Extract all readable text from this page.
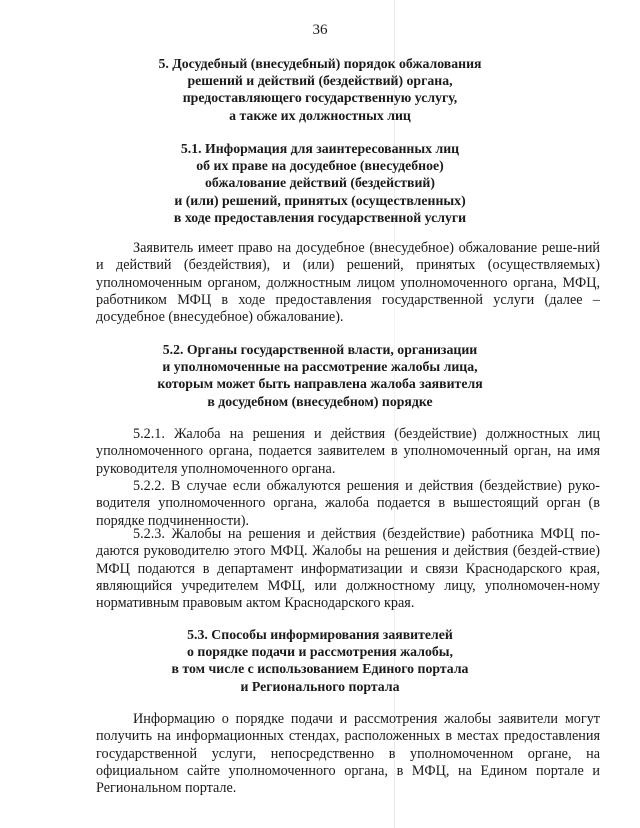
36
5. Досудебный (внесудебный) порядок обжалования
решений и действий (бездействий) органа,
предоставляющего государственную услугу,
а также их должностных лиц
5.1. Информация для заинтересованных лиц
об их праве на досудебное (внесудебное)
обжалование действий (бездействий)
и (или) решений, принятых (осуществленных)
в ходе предоставления государственной услуги
Заявитель имеет право на досудебное (внесудебное) обжалование реше-ний и действий (бездействия), и (или) решений, принятых (осуществляемых) уполномоченным органом, должностным лицом уполномоченного органа, МФЦ, работником МФЦ в ходе предоставления государственной услуги (далее – досудебное (внесудебное) обжалование).
5.2. Органы государственной власти, организации
и уполномоченные на рассмотрение жалобы лица,
которым может быть направлена жалоба заявителя
в досудебном (внесудебном) порядке
5.2.1. Жалоба на решения и действия (бездействие) должностных лиц уполномоченного органа, подается заявителем в уполномоченный орган, на имя руководителя уполномоченного органа.
5.2.2. В случае если обжалуются решения и действия (бездействие) руко-водителя уполномоченного органа, жалоба подается в вышестоящий орган (в порядке подчиненности).
5.2.3. Жалобы на решения и действия (бездействие) работника МФЦ по-даются руководителю этого МФЦ. Жалобы на решения и действия (бездей-ствие) МФЦ подаются в департамент информатизации и связи Краснодарского края, являющийся учредителем МФЦ, или должностному лицу, уполномочен-ному нормативным правовым актом Краснодарского края.
5.3. Способы информирования заявителей
о порядке подачи и рассмотрения жалобы,
в том числе с использованием Единого портала
и Регионального портала
Информацию о порядке подачи и рассмотрения жалобы заявители могут получить на информационных стендах, расположенных в местах предоставления государственной услуги, непосредственно в уполномоченном органе, на официальном сайте уполномоченного органа, в МФЦ, на Едином портале и Региональном портале.
